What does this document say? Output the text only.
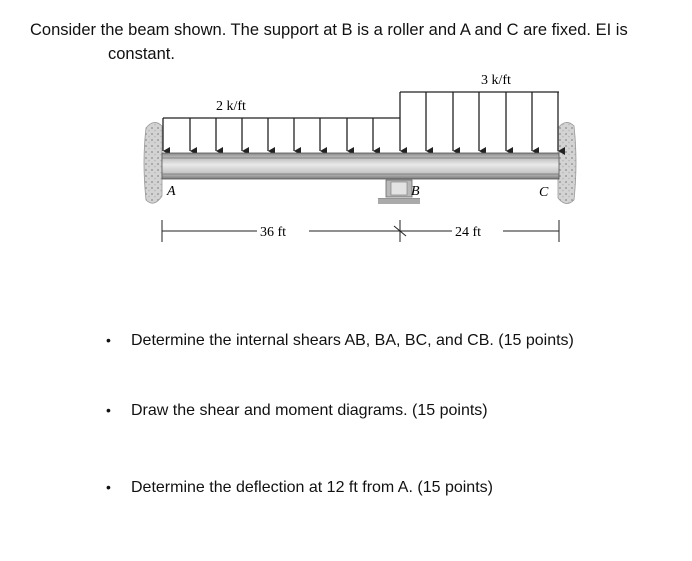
Consider the beam shown. The support at B is a roller and A and C are fixed. EI is
constant.
A	B	C
2 k/ft
3 k/ft
36 ft	24 ft
• Determine the internal shears AB, BA, BC, and CB. (15 points)
• Draw the shear and moment diagrams. (15 points)
• Determine the deflection at 12 ft from A. (15 points)
